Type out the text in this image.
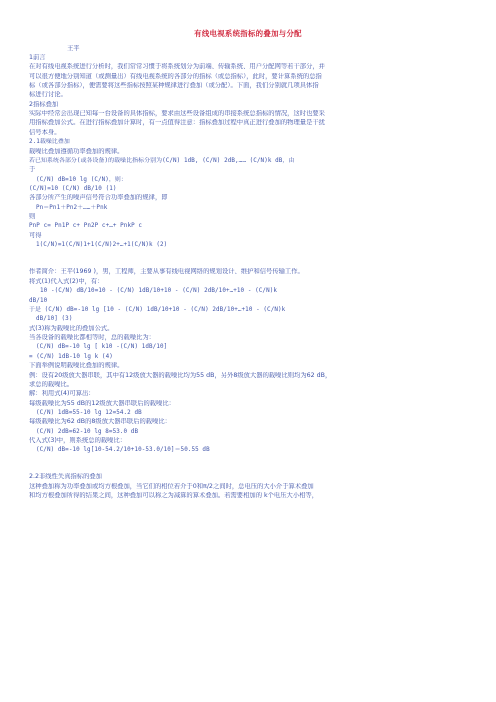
有线电视系统指标的叠加与分配
王平
1前言
在对有线电视系统进行分析时，我们常常习惯于将系统划分为前端、传输系统、用户分配网等若干部分，并
可以很方便地分别知道（或测量出）有线电视系统的各部分的指标（或总指标），此时，要计算系统的总指
标（或各部分指标），便需要将这些指标按照某种规律进行叠加（或分配）。下面，我们分别就几项具体指
标进行讨论。
2指标叠加
实际中经常会出现已知每一台设备的具体指标，要求由这些设备组成的串接系统总指标的情况，这时也要采
用指标叠加公式。在进行指标叠加计算时，有一点值得注意：指标叠加过程中真正进行叠加的物理量是干扰
信号本身。
2.1载噪比叠加
载噪比叠加遵循功率叠加的规律。
若已知系统各部分(或各设备)的载噪比指标分别为(C/N) 1dB, (C/N) 2dB,…… (C/N)k dB，由
于
(C/N) dB=10 lg (C/N)，则：
(C/N)=10 (C/N) dB/10 (1)
各部分所产生的噪声信号符合功率叠加的规律，即
Pn＝Pn1＋Pn2＋……＋Pnk
则
PnP c= Pn1P c+ Pn2P c+…+ PnkP c
可得
1(C/N)=1(C/N)1+1(C/N)2+…+1(C/N)k (2)
作者简介：王平(1969 )，男，工程师，主要从事有线电视网络的规划设计、维护和信号传输工作。
将式(1)代入式(2)中，有：
10 -(C/N) dB/10=10 - (C/N) 1dB/10+10 - (C/N) 2dB/10+…+10 - (C/N)k
dB/10
于是 (C/N) dB=-10 lg [10 - (C/N) 1dB/10+10 - (C/N) 2dB/10+…+10 - (C/N)k
dB/10] (3)
式(3)称为载噪比的叠加公式。
当各设备的载噪比都相等时，总的载噪比为：
(C/N) dB=-10 lg [ k10 -(C/N) 1dB/10]
= (C/N) 1dB-10 lg k (4)
下面举例说明载噪比叠加的规律。
例：设有20级放大器串联，其中有12级放大器的载噪比均为55 dB，另外8级放大器的载噪比则均为62 dB，
求总的载噪比。
解：利用式(4)可算出：
每级载噪比为55 dB的12级放大器串联后的载噪比：
(C/N) 1dB=55-10 lg 12=54.2 dB
每级载噪比为62 dB的8级放大器串联后的载噪比：
(C/N) 2dB=62-10 lg 8=53.0 dB
代入式(3)中，则系统总的载噪比：
(C/N) dB=-10 lg[10-54.2/10+10-53.0/10]＝50.55 dB
2.2非线性失真指标的叠加
这种叠加称为功率叠加或均方根叠加，当它们的相位若介于0和π/2之间时，总电压的大小介于算术叠加
和均方根叠加所得的结果之间，这种叠加可以称之为减算的算术叠加。若需要相加的 k个电压大小相等，
